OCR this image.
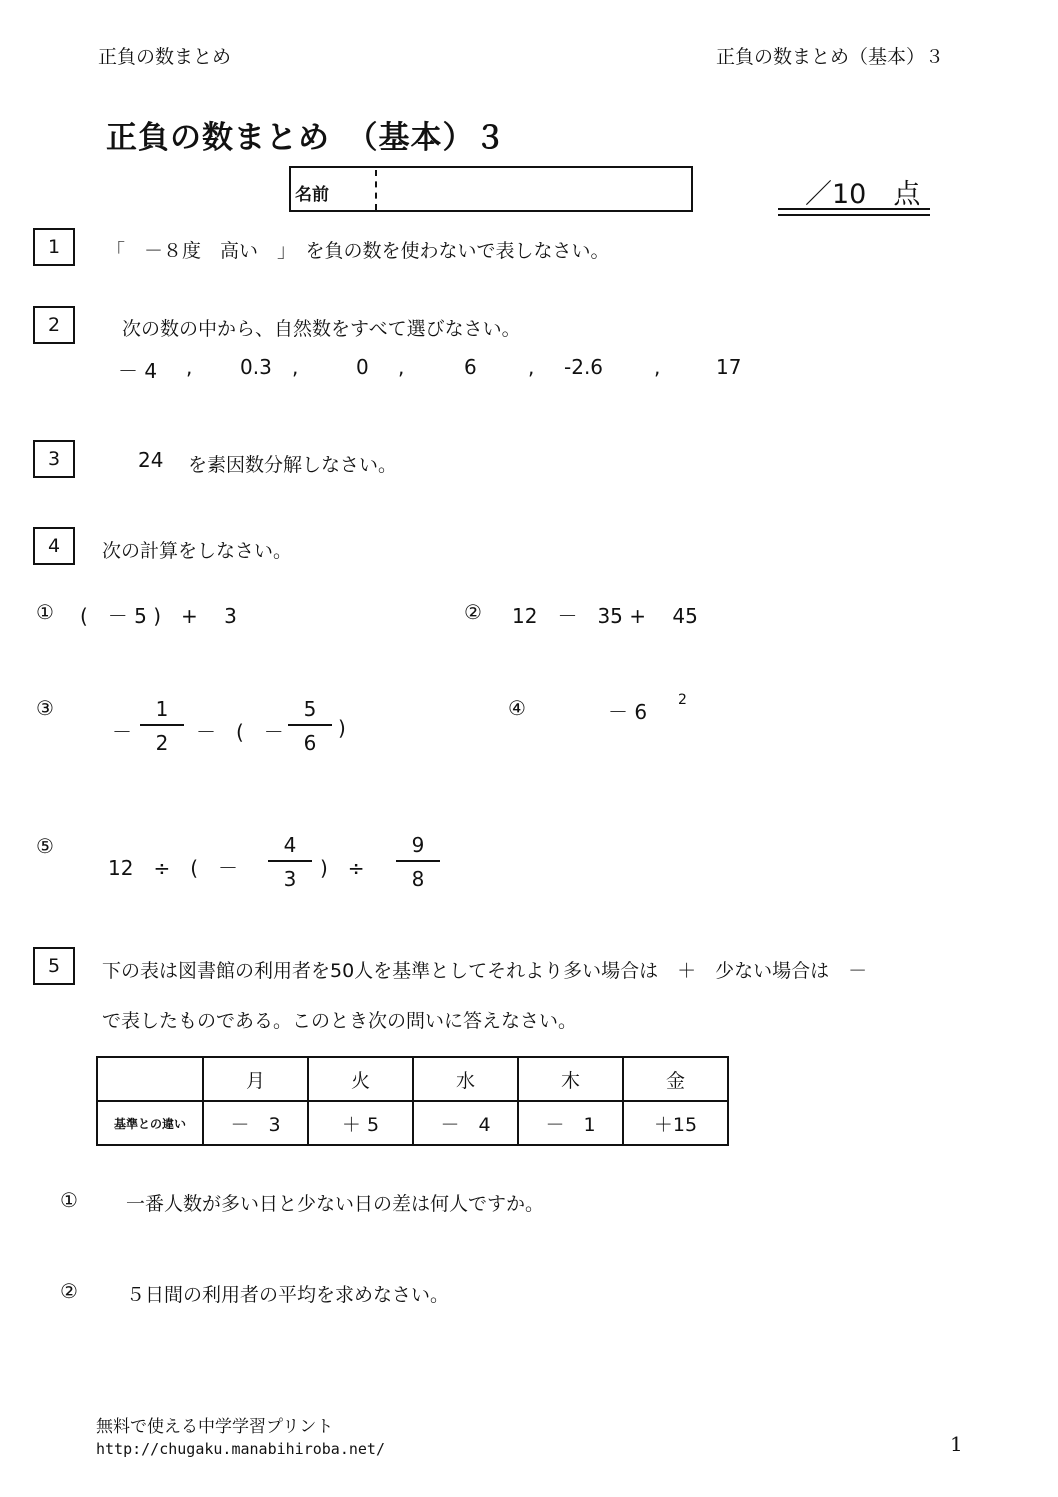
正負の数まとめ	正負の数まとめ（基本）３
正負の数まとめ　（基本）３
名前	／10　点
1	「　－８度　高い　」　を負の数を使わないで表しなさい。
2	次の数の中から、自然数をすべて選びなさい。
－ 4 , 0.3 ,	0 ,	6	, -2.6	,	17
3	24 を素因数分解しなさい。
4	次の計算をしなさい。
① (　－ 5 )　+　 3	② 12　－　35 +　 45
③
－
1
2	－　(　－
5
6
)
④	－ 6 2
⑤
12　÷　(　－
4
3	)　÷
9
8
5	下の表は図書館の利用者を50人を基準としてそれより多い場合は　＋　少ない場合は　－
で表したものである。このとき次の問いに答えなさい。
	月	火	水	木	金
基準との違い	－　3	＋ 5	－　4	－　1	＋15
①	一番人数が多い日と少ない日の差は何人ですか。
②	５日間の利用者の平均を求めなさい。
無料で使える中学学習プリント
http://chugaku.manabihiroba.net/	1
